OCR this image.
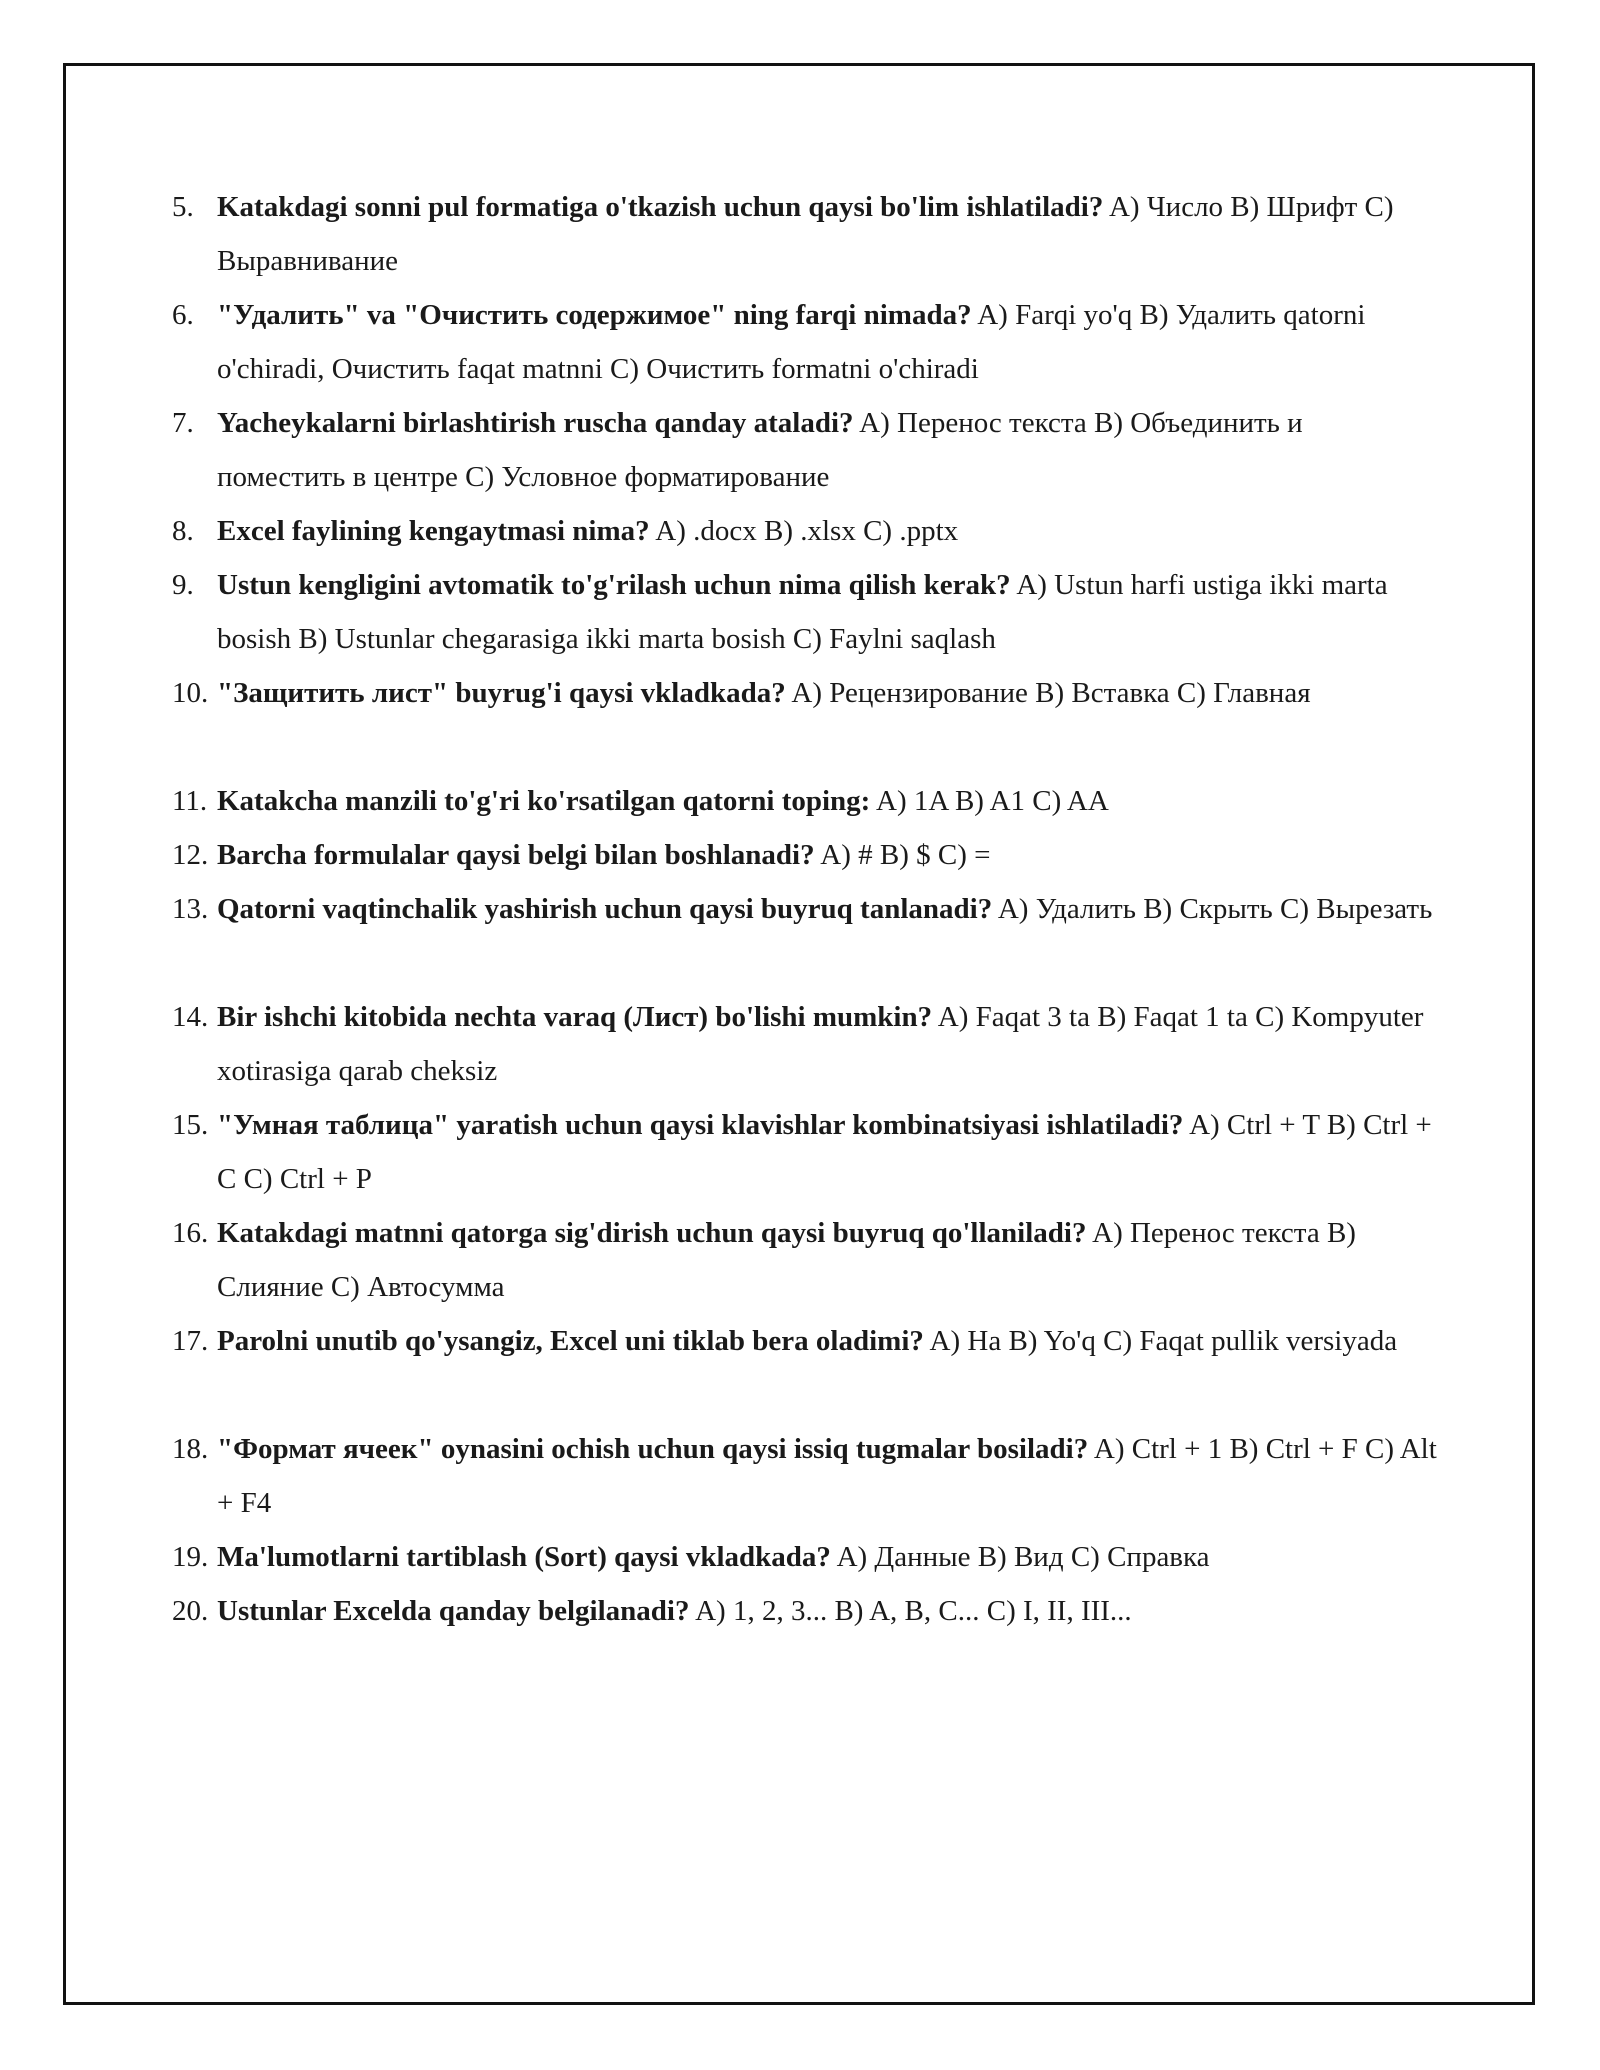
5. Katakdagi sonni pul formatiga o'tkazish uchun qaysi bo'lim ishlatiladi? A) Число B) Шрифт C) Выравнивание
6. "Удалить" va "Очистить содержимое" ning farqi nimada? A) Farqi yo'q B) Удалить qatorni o'chiradi, Очистить faqat matnni C) Очистить formatni o'chiradi
7. Yacheykalarni birlashtirish ruscha qanday ataladi? A) Перенос текста B) Объединить и поместить в центре C) Условное форматирование
8. Excel faylining kengaytmasi nima? A) .docx B) .xlsx C) .pptx
9. Ustun kengligini avtomatik to'g'rilash uchun nima qilish kerak? A) Ustun harfi ustiga ikki marta bosish B) Ustunlar chegarasiga ikki marta bosish C) Faylni saqlash
10. "Защитить лист" buyrug'i qaysi vkladkada? A) Рецензирование B) Вставка C) Главная
11. Katakcha manzili to'g'ri ko'rsatilgan qatorni toping: A) 1A B) A1 C) AA
12. Barcha formulalar qaysi belgi bilan boshlanadi? A) # B) $ C) =
13. Qatorni vaqtinchalik yashirish uchun qaysi buyruq tanlanadi? A) Удалить B) Скрыть C) Вырезать
14. Bir ishchi kitobida nechta varaq (Лист) bo'lishi mumkin? A) Faqat 3 ta B) Faqat 1 ta C) Kompyuter xotirasiga qarab cheksiz
15. "Умная таблица" yaratish uchun qaysi klavishlar kombinatsiyasi ishlatiladi? A) Ctrl + T B) Ctrl + C C) Ctrl + P
16. Katakdagi matnni qatorga sig'dirish uchun qaysi buyruq qo'llaniladi? A) Перенос текста B) Слияние C) Автосумма
17. Parolni unutib qo'ysangiz, Excel uni tiklab bera oladimi? A) Ha B) Yo'q C) Faqat pullik versiyada
18. "Формат ячеек" oynasini ochish uchun qaysi issiq tugmalar bosiladi? A) Ctrl + 1 B) Ctrl + F C) Alt + F4
19. Ma'lumotlarni tartiblash (Sort) qaysi vkladkada? A) Данные B) Вид C) Справка
20. Ustunlar Excelda qanday belgilanadi? A) 1, 2, 3... B) A, B, C... C) I, II, III...
